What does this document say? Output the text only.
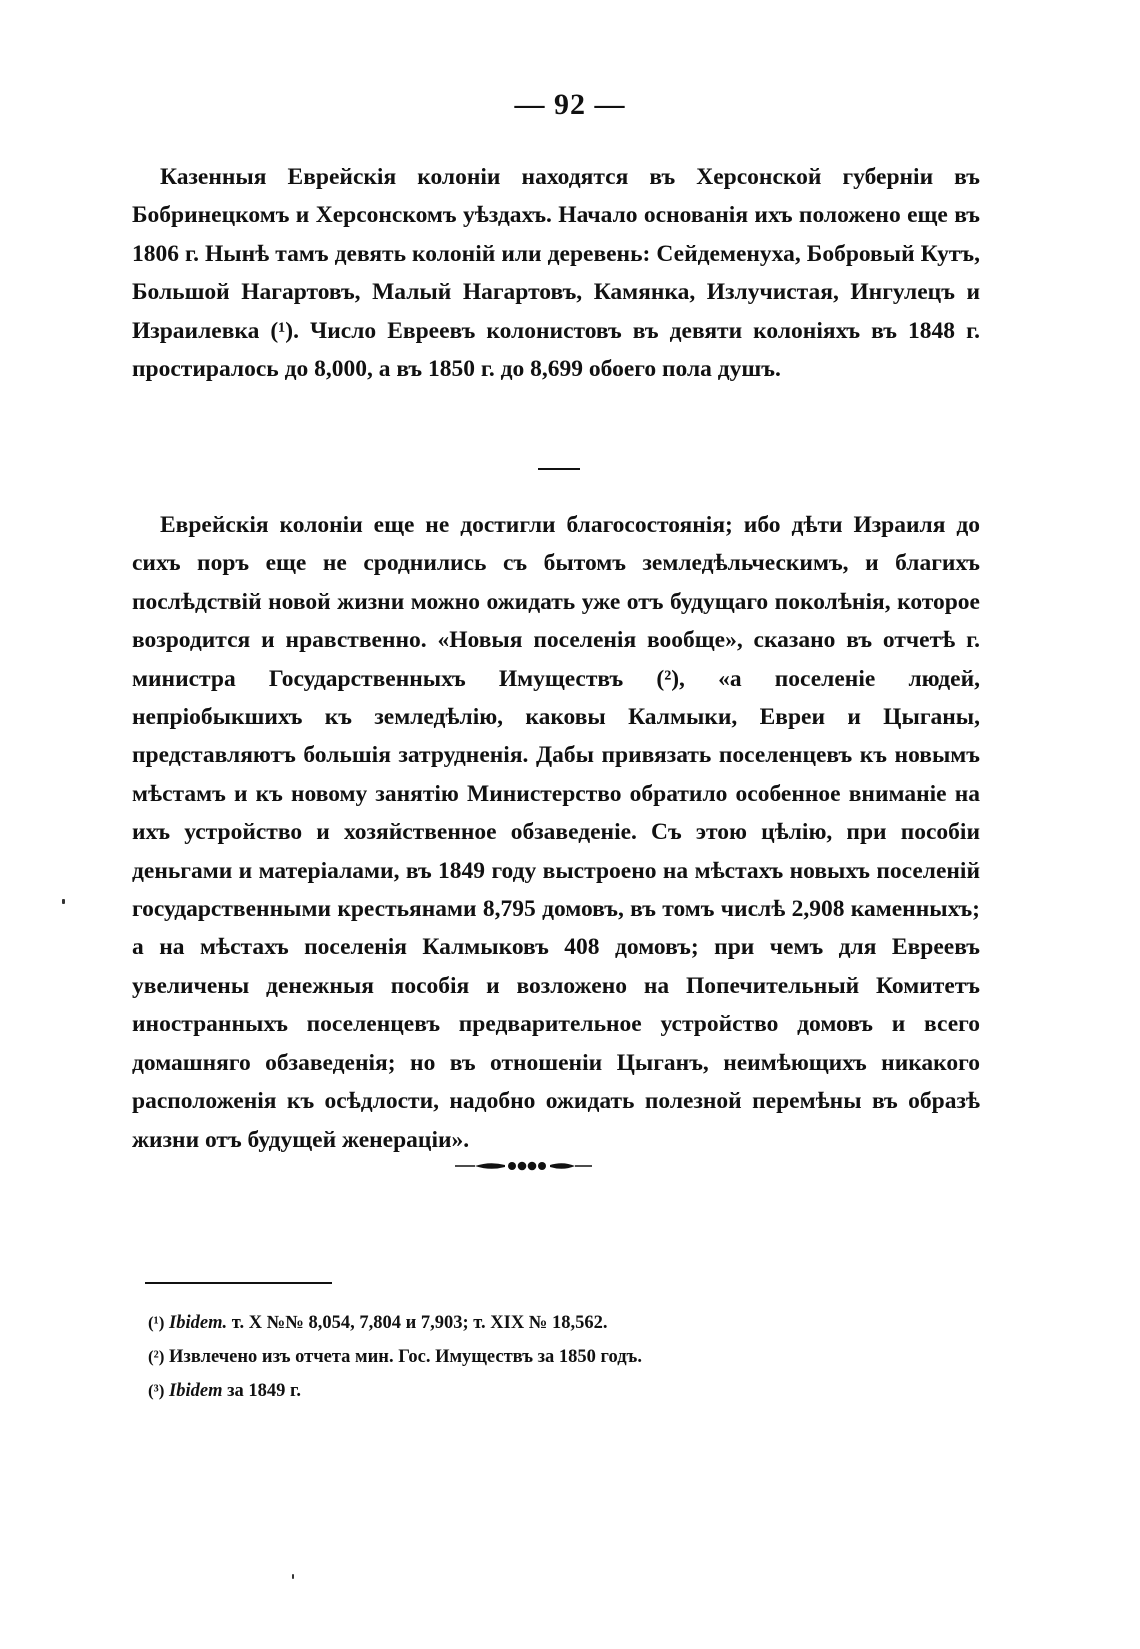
— 92 —

Казенныя Еврейскія колоніи находятся въ Херсонской губерніи въ Бобринецкомъ и Херсонскомъ уѣздахъ. Начало основанія ихъ положено еще въ 1806 г. Нынѣ тамъ девять колоній или деревень: Сейдеменуха, Бобровый Кутъ, Большой Нагартовъ, Малый Нагартовъ, Камянка, Излучистая, Ингулецъ и Израилевка (¹). Число Евреевъ колонистовъ въ девяти колоніяхъ въ 1848 г. простиралось до 8,000, а въ 1850 г. до 8,699 обоего пола душъ.

Еврейскія колоніи еще не достигли благосостоянія; ибо дѣти Израиля до сихъ поръ еще не сроднились съ бытомъ земледѣльческимъ, и благихъ послѣдствій новой жизни можно ожидать уже отъ будущаго поколѣнія, которое возродится и нравственно. «Новыя поселенія вообще», сказано въ отчетѣ г. министра Государственныхъ Имуществъ (²), «а поселеніе людей, непріобыкшихъ къ земледѣлію, каковы Калмыки, Евреи и Цыганы, представляютъ большія затрудненія. Дабы привязать поселенцевъ къ новымъ мѣстамъ и къ новому занятію Министерство обратило особенное вниманіе на ихъ устройство и хозяйственное обзаведеніе. Съ этою цѣлію, при пособіи деньгами и матеріалами, въ 1849 году выстроено на мѣстахъ новыхъ поселеній государственными крестьянами 8,795 домовъ, въ томъ числѣ 2,908 каменныхъ; а на мѣстахъ поселенія Калмыковъ 408 домовъ; при чемъ для Евреевъ увеличены денежныя пособія и возложено на Попечительный Комитетъ иностранныхъ поселенцевъ предварительное устройство домовъ и всего домашняго обзаведенія; но въ отношеніи Цыганъ, неимѣющихъ никакого расположенія къ осѣдлости, надобно ожидать полезной перемѣны въ образѣ жизни отъ будущей женерацiи».

(¹) Ibidem. т. X №№ 8,054, 7,804 и 7,903; т. XIX № 18,562.
(²) Извлечено изъ отчета мин. Гос. Имуществъ за 1850 годъ.
(³) Ibidem за 1849 г.
